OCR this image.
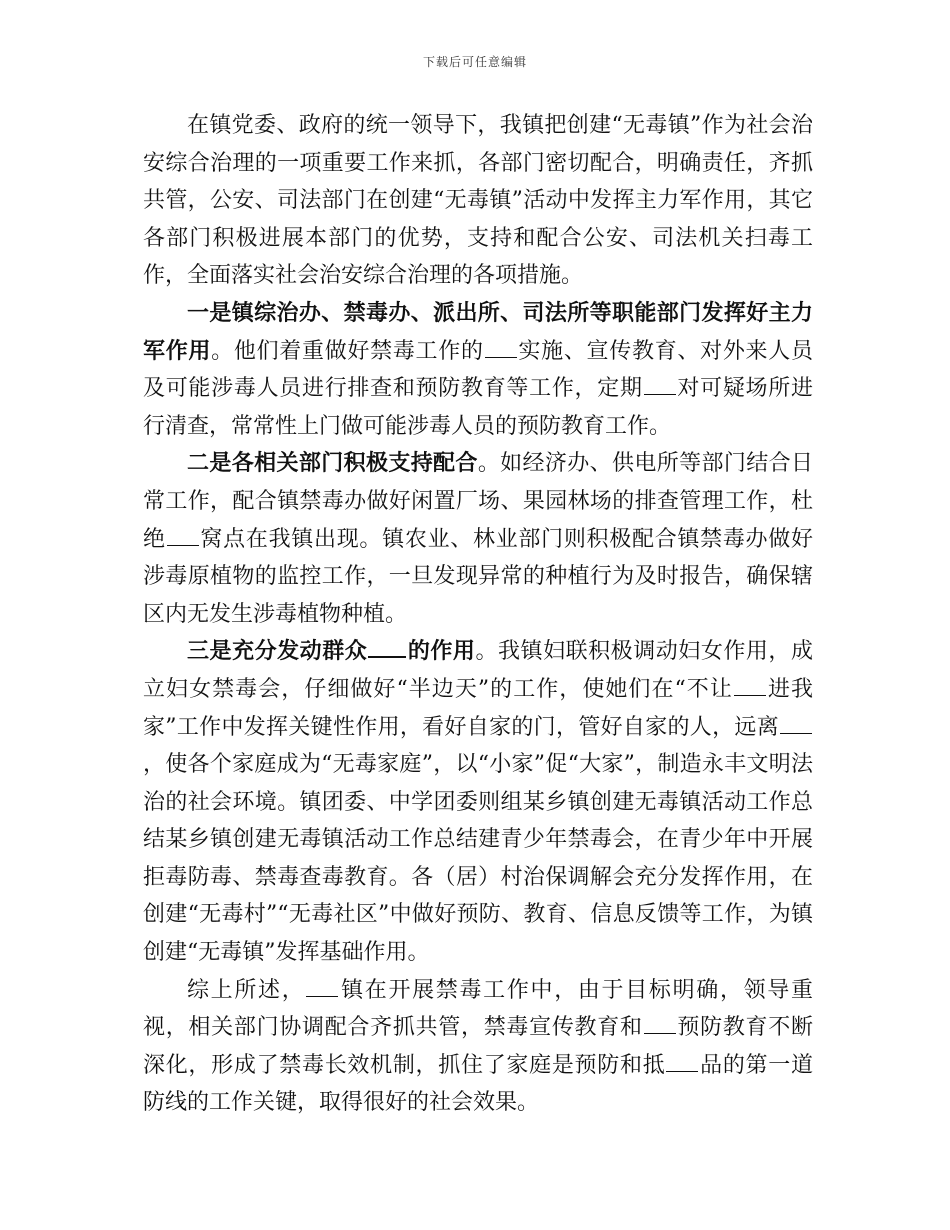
下载后可任意编辑

在镇党委、政府的统一领导下，我镇把创建“无毒镇”作为社会治安综合治理的一项重要工作来抓，各部门密切配合，明确责任，齐抓共管，公安、司法部门在创建“无毒镇”活动中发挥主力军作用，其它各部门积极进展本部门的优势，支持和配合公安、司法机关扫毒工作，全面落实社会治安综合治理的各项措施。

一是镇综治办、禁毒办、派出所、司法所等职能部门发挥好主力军作用。他们着重做好禁毒工作的 实施、宣传教育、对外来人员及可能涉毒人员进行排查和预防教育等工作，定期 对可疑场所进行清查，常常性上门做可能涉毒人员的预防教育工作。

二是各相关部门积极支持配合。如经济办、供电所等部门结合日常工作，配合镇禁毒办做好闲置厂场、果园林场的排查管理工作，杜绝 窝点在我镇出现。镇农业、林业部门则积极配合镇禁毒办做好涉毒原植物的监控工作，一旦发现异常的种植行为及时报告，确保辖区内无发生涉毒植物种植。

三是充分发动群众 的作用。我镇妇联积极调动妇女作用，成立妇女禁毒会，仔细做好“半边天”的工作，使她们在“不让 进我家”工作中发挥关键性作用，看好自家的门，管好自家的人，远离，使各个家庭成为“无毒家庭”，以“小家”促“大家”，制造永丰文明法治的社会环境。镇团委、中学团委则组某乡镇创建无毒镇活动工作总结某乡镇创建无毒镇活动工作总结建青少年禁毒会，在青少年中开展拒毒防毒、禁毒查毒教育。各（居）村治保调解会充分发挥作用，在创建“无毒村”“无毒社区”中做好预防、教育、信息反馈等工作，为镇创建“无毒镇”发挥基础作用。

综上所述， 镇在开展禁毒工作中，由于目标明确，领导重视，相关部门协调配合齐抓共管，禁毒宣传教育和 预防教育不断深化，形成了禁毒长效机制，抓住了家庭是预防和抵 品的第一道防线的工作关键，取得很好的社会效果。
